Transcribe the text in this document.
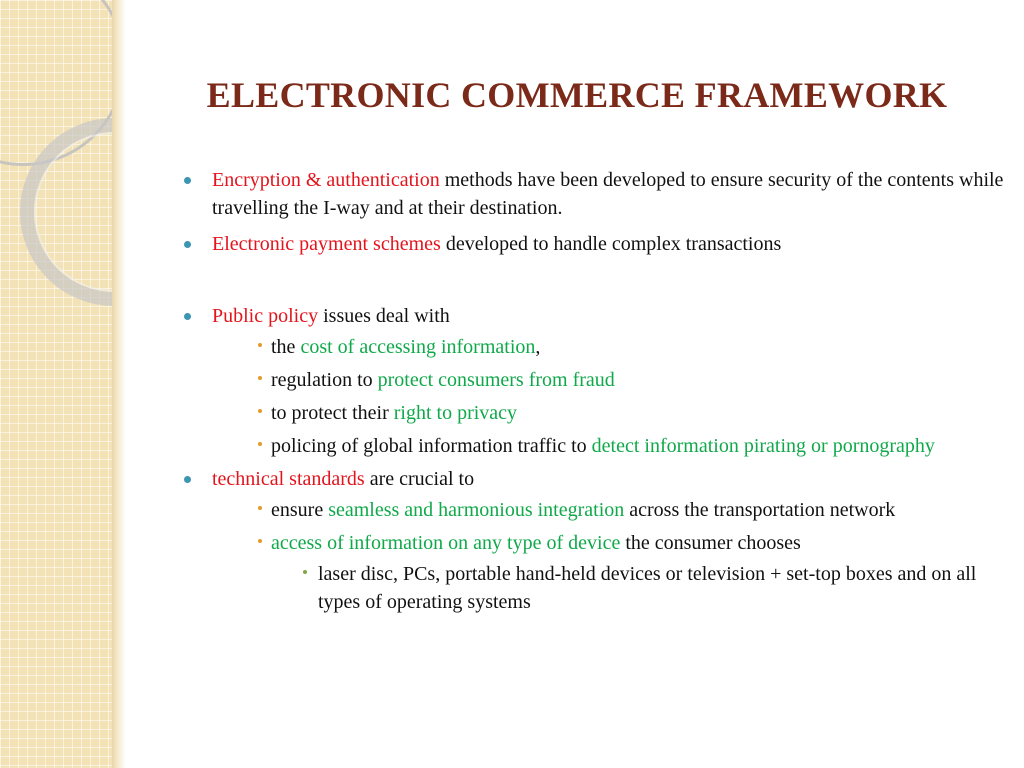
ELECTRONIC COMMERCE FRAMEWORK
Encryption & authentication methods have been developed to ensure security of the contents while travelling the I-way and at their destination.
Electronic payment schemes developed to handle complex transactions
Public policy issues deal with
the cost of accessing information,
regulation to protect consumers from fraud
to protect their right to privacy
policing of global information traffic to detect information pirating or pornography
technical standards are crucial to
ensure seamless and harmonious integration across the transportation network
access of information on any type of device the consumer chooses
laser disc, PCs, portable hand-held devices or television + set-top boxes and on all types of operating systems
